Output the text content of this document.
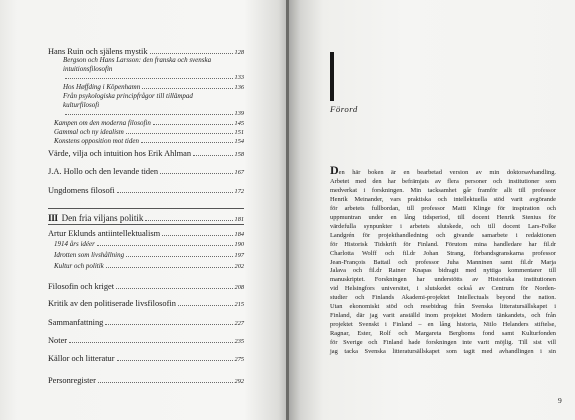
Hans Ruin och själens mystik	128
Bergson och Hans Larsson: den franska och svenska
intuitionsfilosofin
133
Hos Høffding i Köpenhamn	136
Från psykologiska principfrågor till tillämpad
kulturfilosofi
139
Kampen om den moderna filosofin	145
Gammal och ny idealism	151
Konstens opposition mot tiden	154
Värde, vilja och intuition hos Erik Ahlman	158
J.A. Hollo och den levande tiden	167
Ungdomens filosofi	172
III Den fria viljans politik	181
Artur Eklunds antiintellektualism	184
1914 års idéer	190
Idrotten som livshållning	197
Kultur och politik	202
Filosofin och kriget	208
Kritik av den politiserade livsfilosofin	215
Sammanfattning	227
Noter	235
Källor och litteratur	275
Personregister	292
Förord
Den här boken är en bearbetad version av min doktorsavhandling.
Arbetet med den har befrämjats av flera personer och institutioner som
medverkat i forskningen. Min tacksamhet går framför allt till professor
Henrik Meinander, vars praktiska och intellektuella stöd varit avgörande
för arbetets fullbordan, till professor Matti Klinge för inspiration och
uppmuntran under en lång tidsperiod, till docent Henrik Stenius för
värdefulla synpunkter i arbetets slutskede, och till docent Lars-Folke
Landgrén för projekthandledning och givande samarbete i redaktionen
för Historisk Tidskrift för Finland. Förutom mina handledare har fil.dr
Charlotta Wolff och fil.dr Johan Strang, förbandsgranskarna professor
Jean-François Battail och professor Juha Manninen samt fil.dr Marja
Jalava och fil.dr Rainer Knapas bidragit med nyttiga kommentarer till
manuskriptet. Forskningen har understötts av Historiska institutionen
vid Helsingfors universitet, i slutskedet också av Centrum för Norden-
studier och Finlands Akademi-projektet Intellectuals beyond the nation.
Utan ekonomiskt stöd och resebidrag från Svenska litteratursällskapet i
Finland, där jag varit anställd inom projektet Modern tänkandets, och från
projektet Svenskt i Finland – en lång historia, Niilo Helanders stiftelse,
Ragnar, Ester, Rolf och Margareta Bergboms fond samt Kulturfonden
för Sverige och Finland hade forskningen inte varit möjlig. Till sist vill
jag tacka Svenska litteratursällskapet som tagit med avhandlingen i sin
9
